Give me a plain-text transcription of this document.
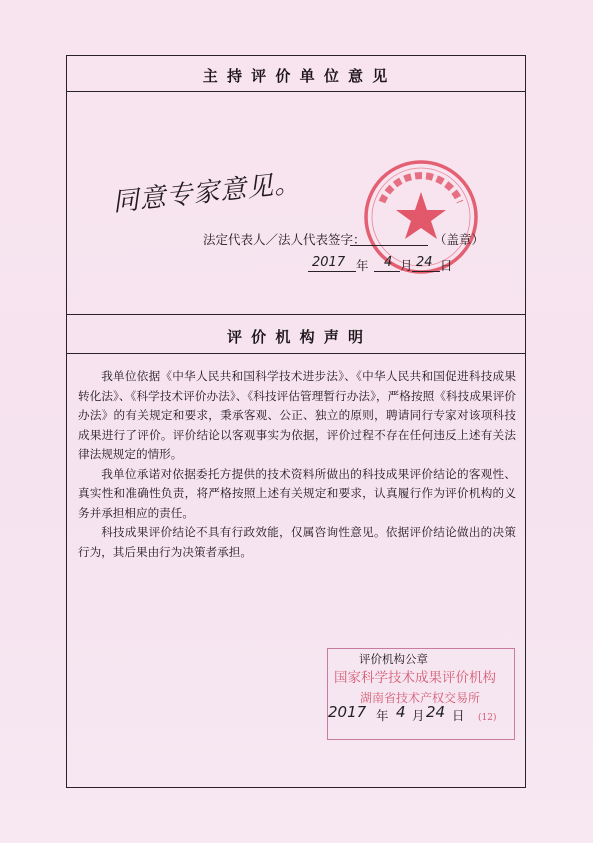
主 持 评 价 单 位 意 见
评 价 机 构 声 明
同意专家意见。
法定代表人／法人代表签字：	（盖章）
2017 年 4 月 24 日

我单位依据《中华人民共和国科学技术进步法》、《中华人民共和国促进科技成果转化法》、《科学技术评价办法》、《科技评估管理暂行办法》，严格按照《科技成果评价办法》的有关规定和要求，秉承客观、公正、独立的原则，聘请同行专家对该项科技成果进行了评价。评价结论以客观事实为依据，评价过程不存在任何违反上述有关法律法规规定的情形。

我单位承诺对依据委托方提供的技术资料所做出的科技成果评价结论的客观性、真实性和准确性负责，将严格按照上述有关规定和要求，认真履行作为评价机构的义务并承担相应的责任。

科技成果评价结论不具有行政效能，仅属咨询性意见。依据评价结论做出的决策行为，其后果由行为决策者承担。

国家科学技术成果评价机构
湖南省技术产权交易所
(12)
评价机构公章
2017 年 4 月 24 日
